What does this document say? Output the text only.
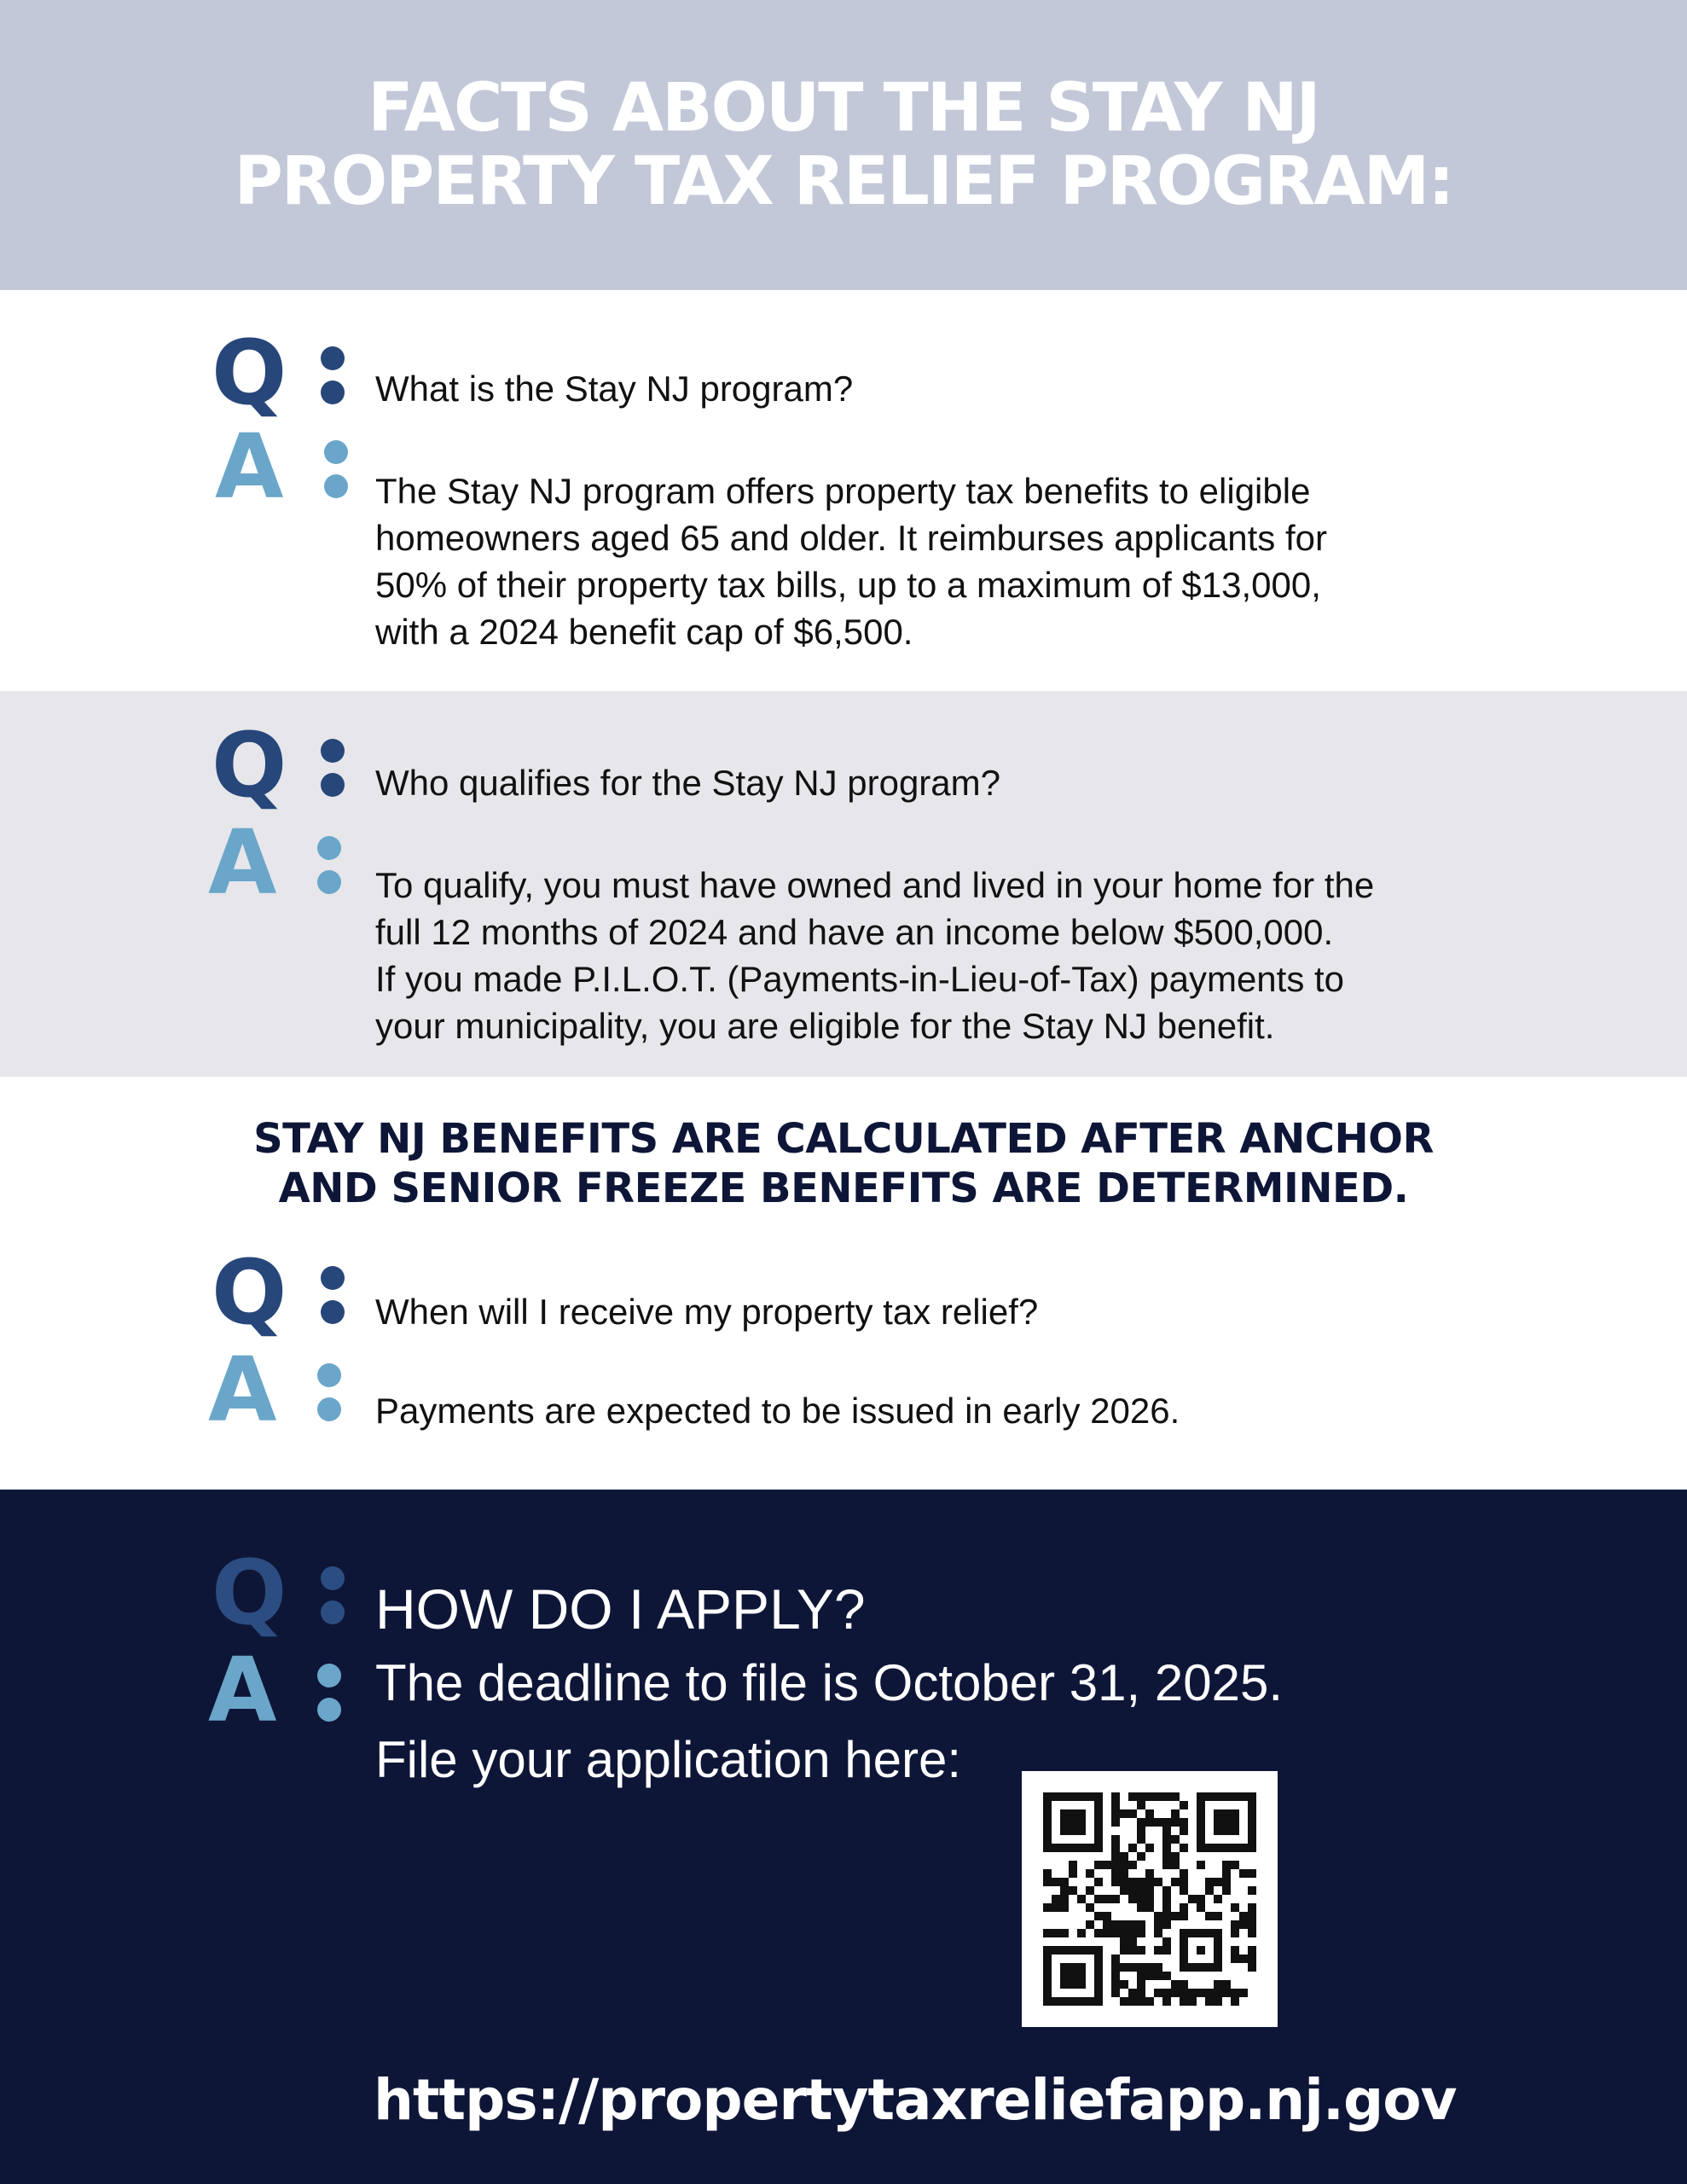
FACTS ABOUT THE STAY NJ
PROPERTY TAX RELIEF PROGRAM:
Q	What is the Stay NJ program?
A	The Stay NJ program offers property tax benefits to eligible
homeowners aged 65 and older. It reimburses applicants for
50% of their property tax bills, up to a maximum of $13,000,
with a 2024 benefit cap of $6,500.
Q	Who qualifies for the Stay NJ program?
A	To qualify, you must have owned and lived in your home for the
full 12 months of 2024 and have an income below $500,000.
If you made P.I.L.O.T. (Payments-in-Lieu-of-Tax) payments to
your municipality, you are eligible for the Stay NJ benefit.
STAY NJ BENEFITS ARE CALCULATED AFTER ANCHOR
AND SENIOR FREEZE BENEFITS ARE DETERMINED.
Q	When will I receive my property tax relief?
A	Payments are expected to be issued in early 2026.
Q HOW DO I APPLY?
A The deadline to file is October 31, 2025.
File your application here:
https://propertytaxreliefapp.nj.gov
